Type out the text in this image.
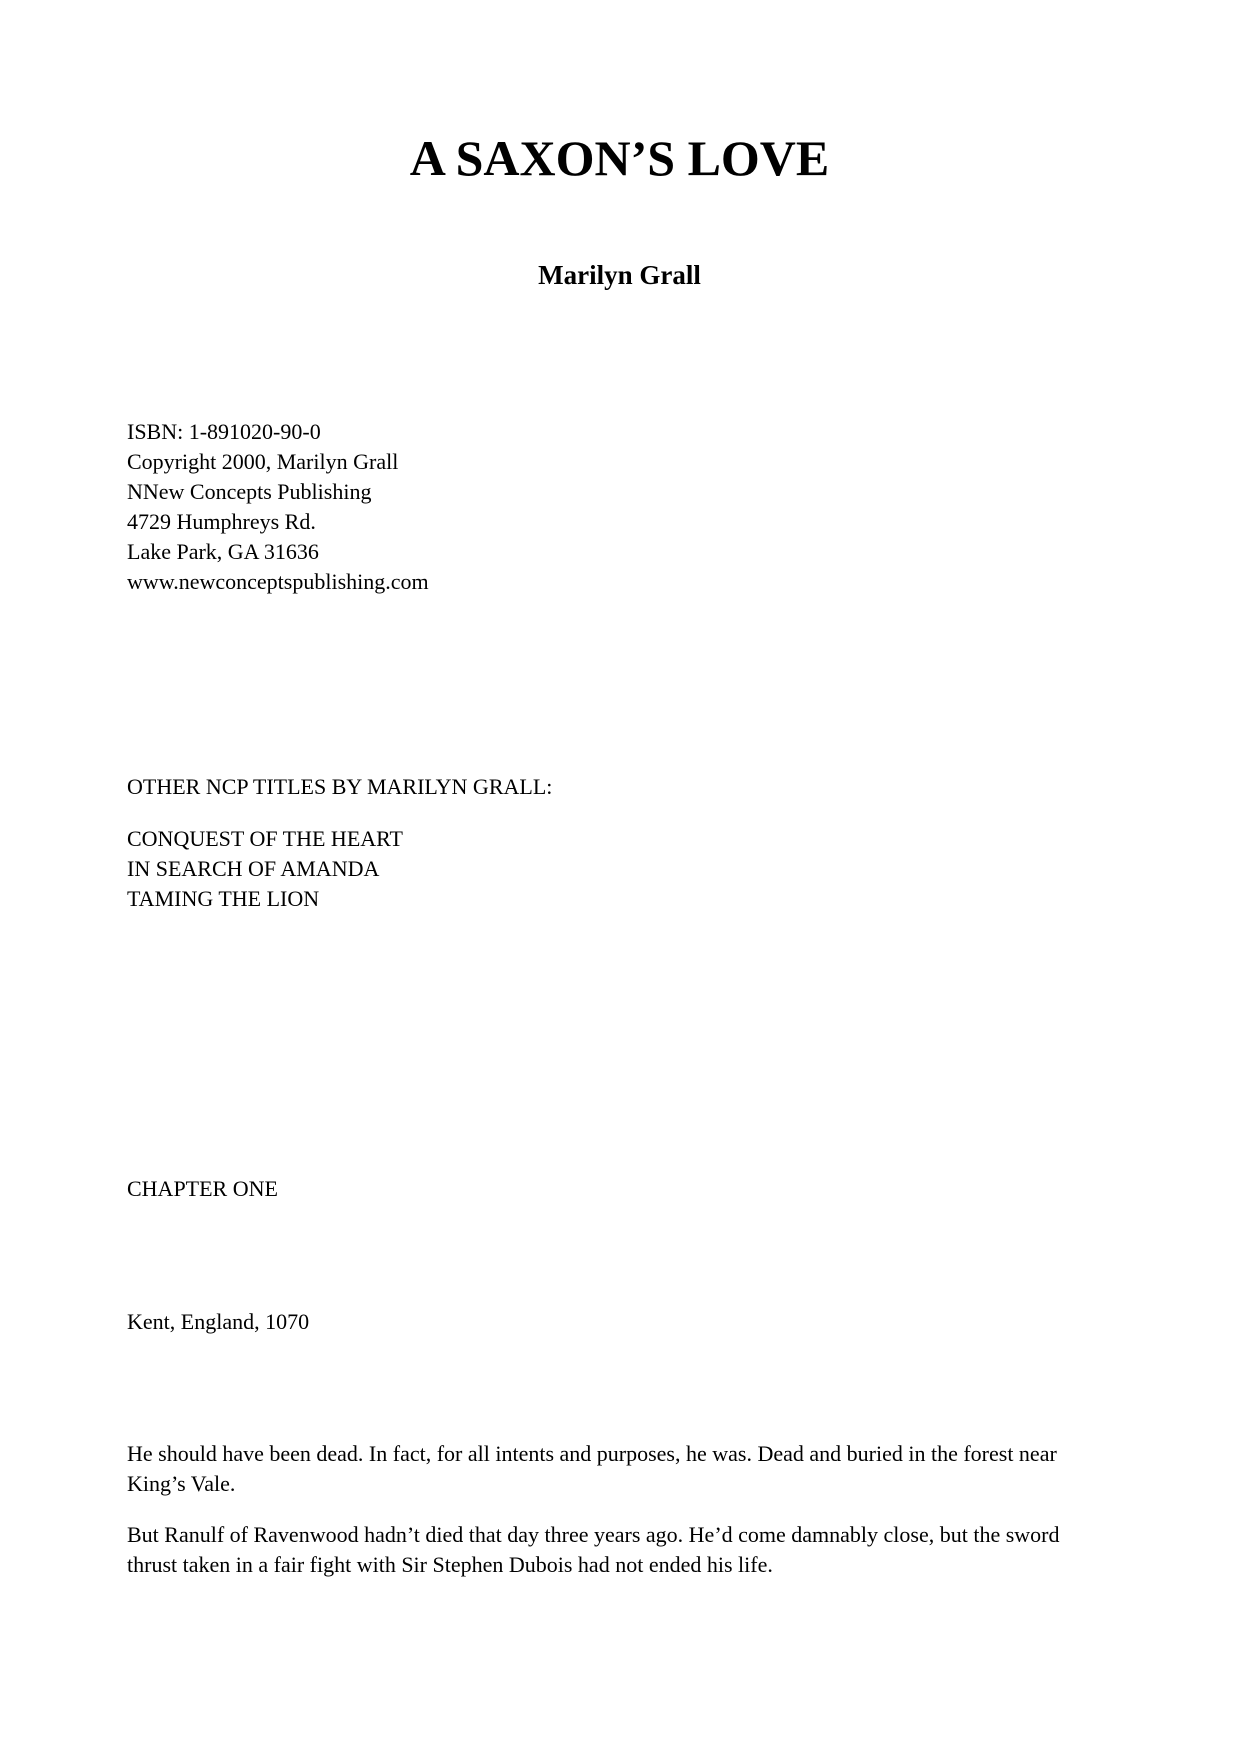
A SAXON’S LOVE
Marilyn Grall
ISBN: 1-891020-90-0
Copyright 2000, Marilyn Grall
NNew Concepts Publishing
4729 Humphreys Rd.
Lake Park, GA 31636
www.newconceptspublishing.com
OTHER NCP TITLES BY MARILYN GRALL:
CONQUEST OF THE HEART
IN SEARCH OF AMANDA
TAMING THE LION
CHAPTER ONE
Kent, England, 1070

He should have been dead. In fact, for all intents and purposes, he was. Dead and buried in the forest near King’s Vale.

But Ranulf of Ravenwood hadn’t died that day three years ago. He’d come damnably close, but the sword thrust taken in a fair fight with Sir Stephen Dubois had not ended his life.
